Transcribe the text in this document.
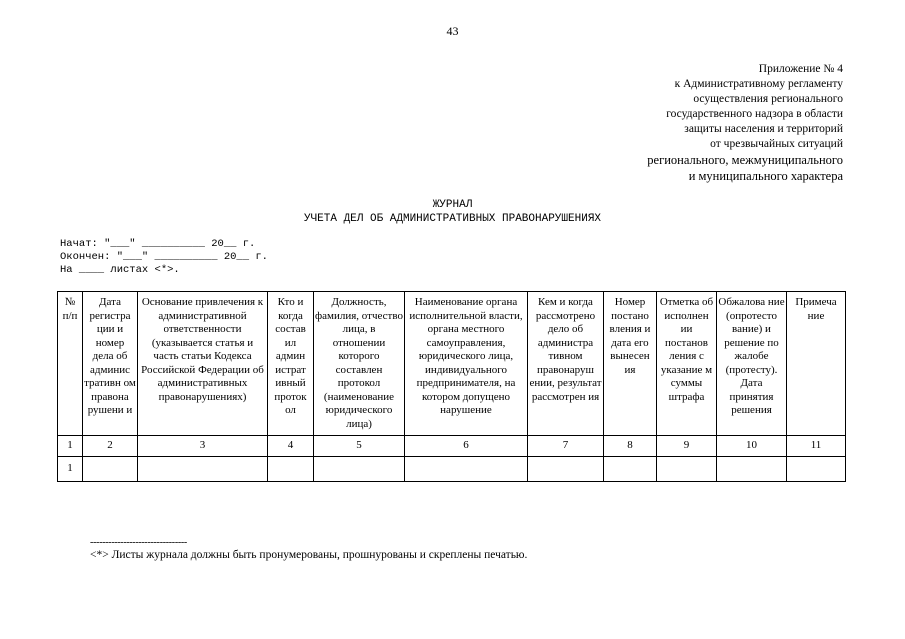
43
Приложение № 4
к Административному регламенту
осуществления регионального
государственного надзора в области
защиты населения и территорий
от чрезвычайных ситуаций
регионального, межмуниципального
и муниципального характера
ЖУРНАЛ
УЧЕТА ДЕЛ ОБ АДМИНИСТРАТИВНЫХ ПРАВОНАРУШЕНИЯХ
Начат: "___" __________ 20__ г.
Окончен: "___" __________ 20__ г.
На ____ листах <*>.
№ п/п	Дата регистра ции и номер дела об админис тративн ом правона рушени и	Основание привлечения к административной ответственности (указывается статья и часть статьи Кодекса Российской Федерации об административных правонарушениях)	Кто и когда состав ил админ истрат ивный проток ол	Должность, фамилия, отчество лица, в отношении которого составлен протокол (наименование юридического лица)	Наименование органа исполнительной власти, органа местного самоуправления, юридического лица, индивидуального предпринимателя, на котором допущено нарушение	Кем и когда рассмотрено дело об администра тивном правонаруш ении, результат рассмотрен ия	Номер постано вления и дата его вынесен ия	Отметка об исполнен ии постанов ления с указание м суммы штрафа	Обжалова ние (опротесто вание) и решение по жалобе (протесту). Дата принятия решения	Примеча ние
1	2	3	4	5	6	7	8	9	10	11
1										
--------------------------------
<*> Листы журнала должны быть пронумерованы, прошнурованы и скреплены печатью.
